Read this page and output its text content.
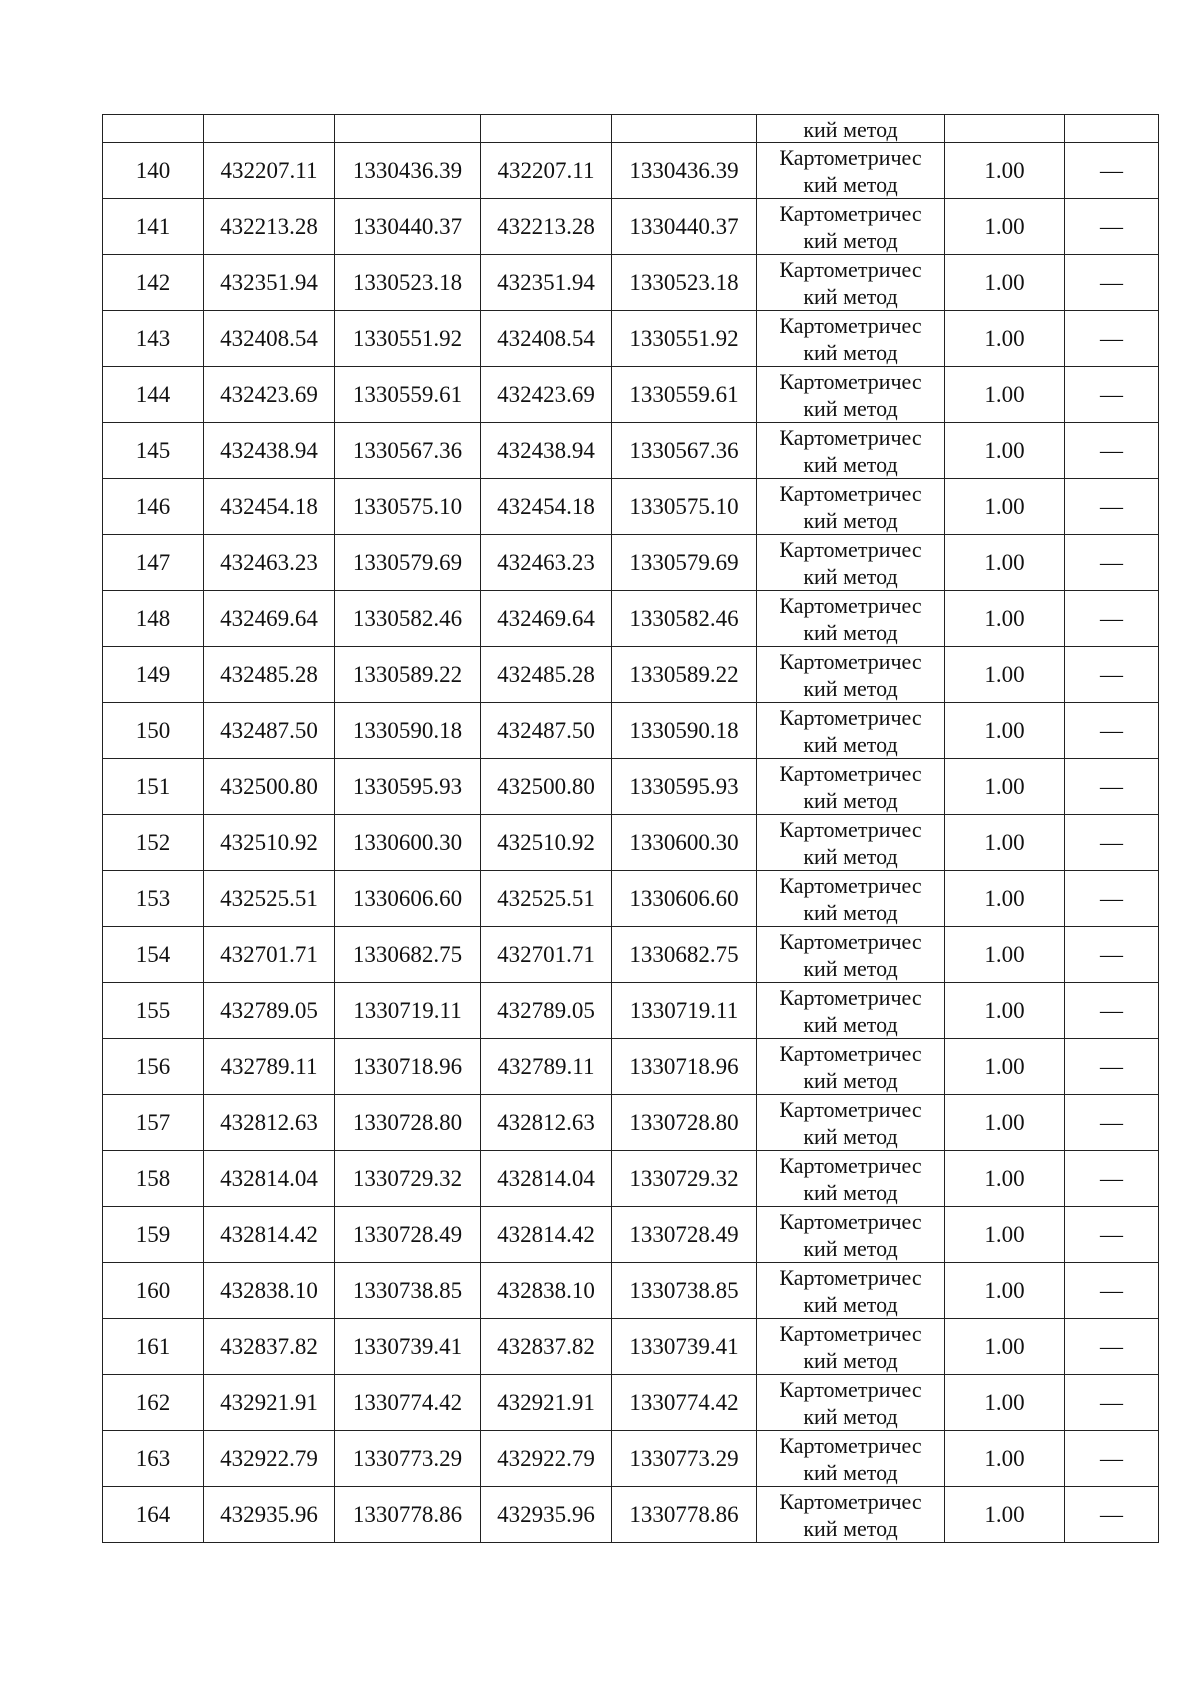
					кий метод		

140	432207.11	1330436.39	432207.11	1330436.39	Картометричес
кий метод	1.00	—
141	432213.28	1330440.37	432213.28	1330440.37	Картометричес
кий метод	1.00	—
142	432351.94	1330523.18	432351.94	1330523.18	Картометричес
кий метод	1.00	—
143	432408.54	1330551.92	432408.54	1330551.92	Картометричес
кий метод	1.00	—
144	432423.69	1330559.61	432423.69	1330559.61	Картометричес
кий метод	1.00	—
145	432438.94	1330567.36	432438.94	1330567.36	Картометричес
кий метод	1.00	—
146	432454.18	1330575.10	432454.18	1330575.10	Картометричес
кий метод	1.00	—
147	432463.23	1330579.69	432463.23	1330579.69	Картометричес
кий метод	1.00	—
148	432469.64	1330582.46	432469.64	1330582.46	Картометричес
кий метод	1.00	—
149	432485.28	1330589.22	432485.28	1330589.22	Картометричес
кий метод	1.00	—
150	432487.50	1330590.18	432487.50	1330590.18	Картометричес
кий метод	1.00	—
151	432500.80	1330595.93	432500.80	1330595.93	Картометричес
кий метод	1.00	—
152	432510.92	1330600.30	432510.92	1330600.30	Картометричес
кий метод	1.00	—
153	432525.51	1330606.60	432525.51	1330606.60	Картометричес
кий метод	1.00	—
154	432701.71	1330682.75	432701.71	1330682.75	Картометричес
кий метод	1.00	—
155	432789.05	1330719.11	432789.05	1330719.11	Картометричес
кий метод	1.00	—
156	432789.11	1330718.96	432789.11	1330718.96	Картометричес
кий метод	1.00	—
157	432812.63	1330728.80	432812.63	1330728.80	Картометричес
кий метод	1.00	—
158	432814.04	1330729.32	432814.04	1330729.32	Картометричес
кий метод	1.00	—
159	432814.42	1330728.49	432814.42	1330728.49	Картометричес
кий метод	1.00	—
160	432838.10	1330738.85	432838.10	1330738.85	Картометричес
кий метод	1.00	—
161	432837.82	1330739.41	432837.82	1330739.41	Картометричес
кий метод	1.00	—
162	432921.91	1330774.42	432921.91	1330774.42	Картометричес
кий метод	1.00	—
163	432922.79	1330773.29	432922.79	1330773.29	Картометричес
кий метод	1.00	—
164	432935.96	1330778.86	432935.96	1330778.86	Картометричес
кий метод	1.00	—
